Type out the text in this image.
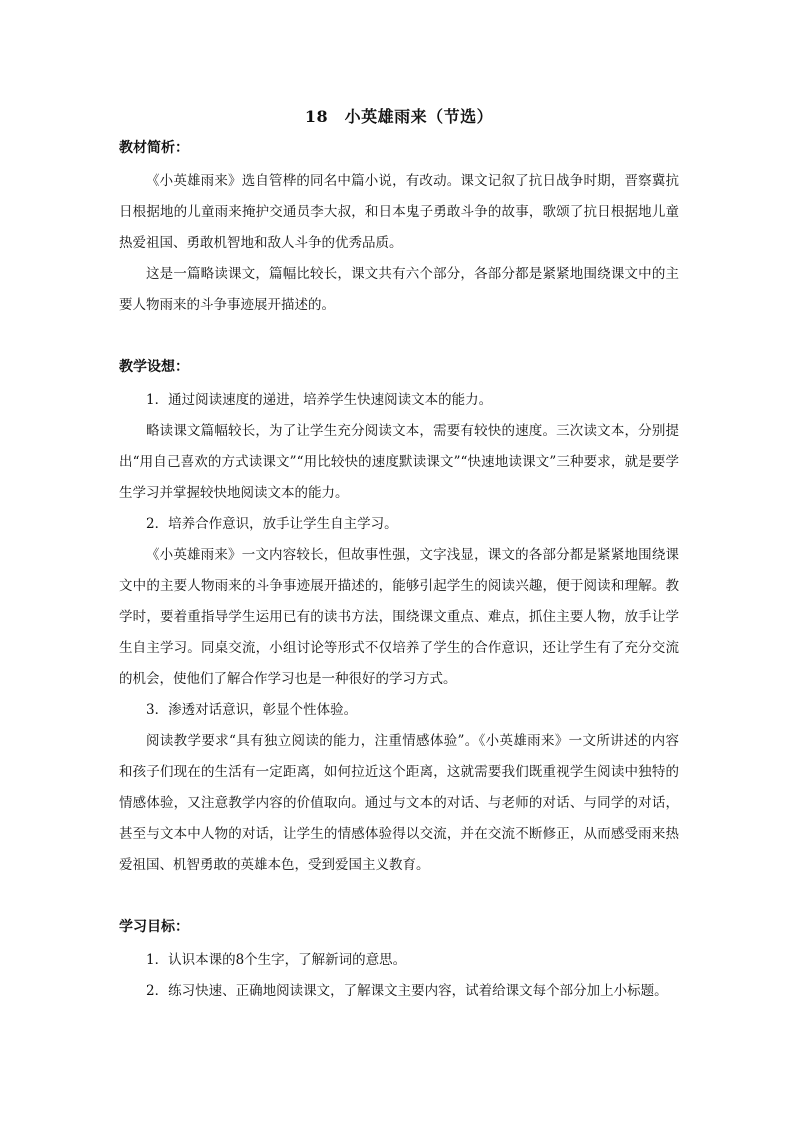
18　小英雄雨来（节选）
教材简析：

《小英雄雨来》选自管桦的同名中篇小说，有改动。课文记叙了抗日战争时期，晋察冀抗日根据地的儿童雨来掩护交通员李大叔，和日本鬼子勇敢斗争的故事，歌颂了抗日根据地儿童热爱祖国、勇敢机智地和敌人斗争的优秀品质。

这是一篇略读课文，篇幅比较长，课文共有六个部分，各部分都是紧紧地围绕课文中的主要人物雨来的斗争事迹展开描述的。

教学设想：

1．通过阅读速度的递进，培养学生快速阅读文本的能力。

略读课文篇幅较长，为了让学生充分阅读文本，需要有较快的速度。三次读文本，分别提出“用自己喜欢的方式读课文”“用比较快的速度默读课文”“快速地读课文”三种要求，就是要学生学习并掌握较快地阅读文本的能力。

2．培养合作意识，放手让学生自主学习。

《小英雄雨来》一文内容较长，但故事性强，文字浅显，课文的各部分都是紧紧地围绕课文中的主要人物雨来的斗争事迹展开描述的，能够引起学生的阅读兴趣，便于阅读和理解。教学时，要着重指导学生运用已有的读书方法，围绕课文重点、难点，抓住主要人物，放手让学生自主学习。同桌交流，小组讨论等形式不仅培养了学生的合作意识，还让学生有了充分交流的机会，使他们了解合作学习也是一种很好的学习方式。

3．渗透对话意识，彰显个性体验。

阅读教学要求“具有独立阅读的能力，注重情感体验”。《小英雄雨来》一文所讲述的内容和孩子们现在的生活有一定距离，如何拉近这个距离，这就需要我们既重视学生阅读中独特的情感体验，又注意教学内容的价值取向。通过与文本的对话、与老师的对话、与同学的对话，甚至与文本中人物的对话，让学生的情感体验得以交流，并在交流不断修正，从而感受雨来热爱祖国、机智勇敢的英雄本色，受到爱国主义教育。

学习目标：

1．认识本课的8个生字，了解新词的意思。

2．练习快速、正确地阅读课文，了解课文主要内容，试着给课文每个部分加上小标题。
